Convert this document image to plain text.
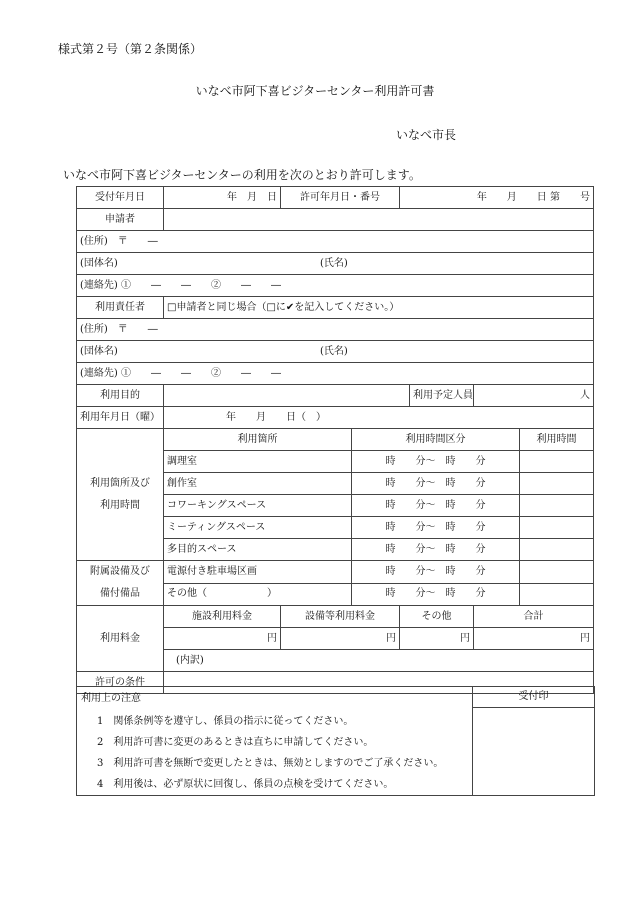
様式第２号（第２条関係）
いなべ市阿下喜ビジターセンター利用許可書
いなべ市長
いなべ市阿下喜ビジターセンターの利用を次のとおり許可します。
受付年月日	年　月　日	許可年月日・番号		年　　月　　日 第　　号			
申請者							
(住所)　〒　　―							
(団体名) (氏名)							
(連絡先) ①　　―　　―　　②　　―　　―							
利用責任者	□申請者と同じ場合（□に✔を記入してください。）						
(住所)　〒　　―							
(団体名) (氏名)							
(連絡先) ①　　―　　―　　②　　―　　―							
利用目的					利用予定人員	人	
利用年月日（曜）	年　　月　　日（　）						

利用箇所及び
利用時間	利用箇所		利用時間区分				利用時間
	調理室		時　　分～　時　　分				
	創作室		時　　分～　時　　分				
	コワーキングスペース		時　　分～　時　　分				
	ミーティングスペース		時　　分～　時　　分				
	多目的スペース		時　　分～　時　　分				

附属設備及び
備付備品	電源付き駐車場区画		時　　分～　時　　分				
	その他（　　　　　　）		時　　分～　時　　分				
利用料金	施設利用料金	設備等利用料金		その他		合計	
	円	円		円		円	
	(内訳)						
許可の条件							
利用上の注意
1　関係条例等を遵守し、係員の指示に従ってください。
2　利用許可書に変更のあるときは直ちに申請してください。
3　利用許可書を無断で変更したときは、無効としますのでご了承ください。
4　利用後は、必ず原状に回復し、係員の点検を受けてください。
受付印
